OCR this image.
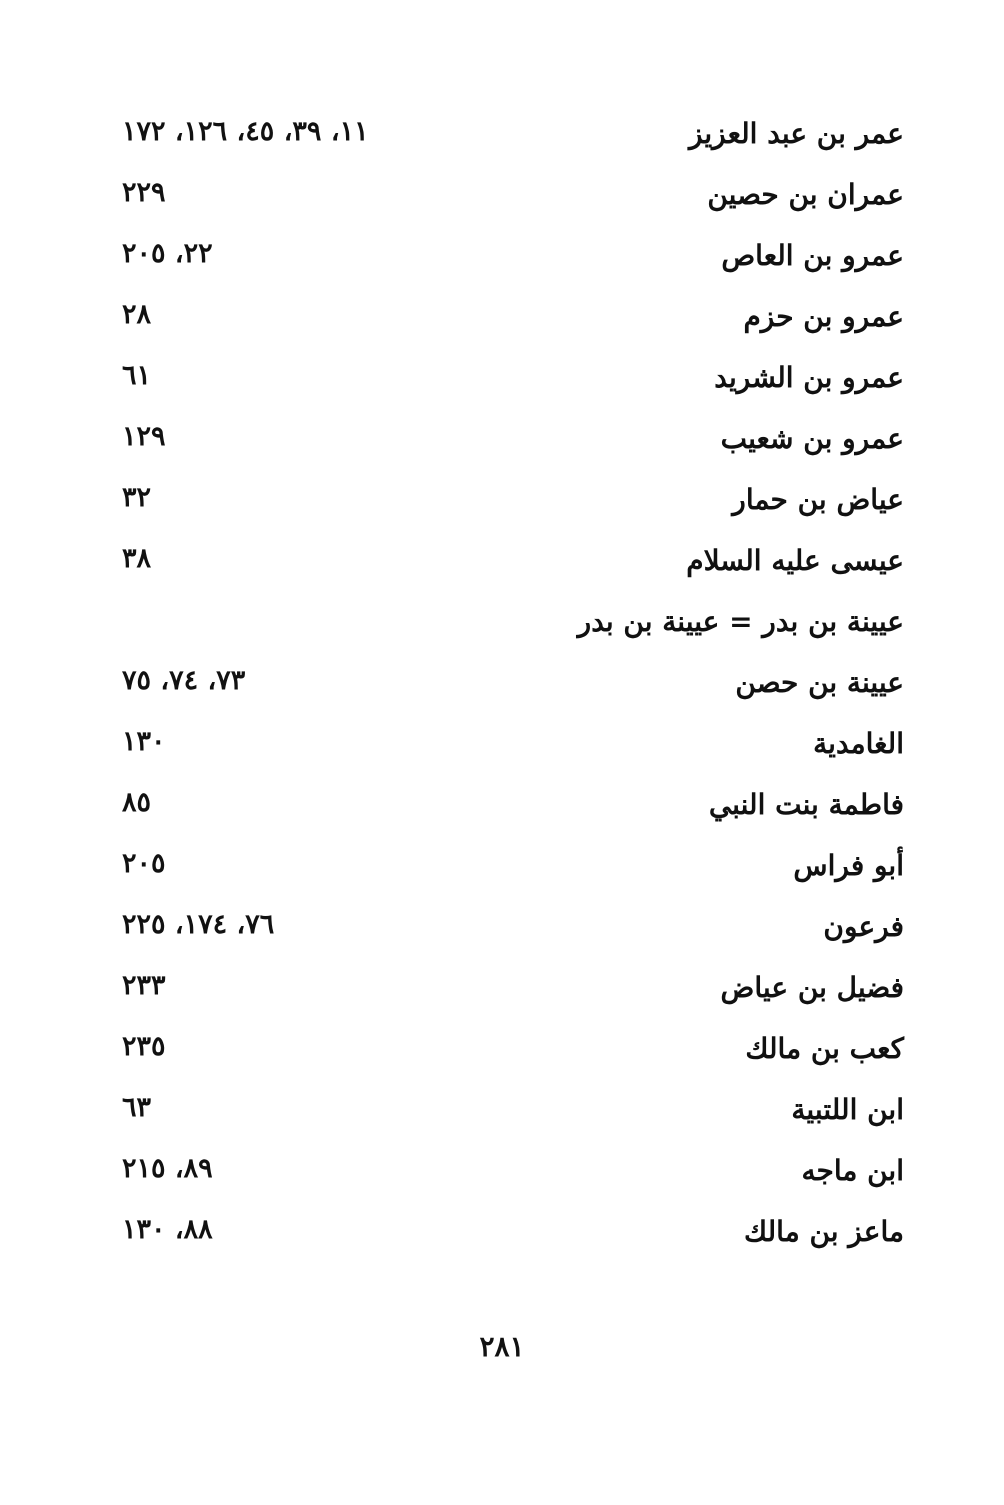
عمر بن عبد العزيز
١١، ٣٩، ٤٥، ١٢٦، ١٧٢
عمران بن حصين
٢٢٩
عمرو بن العاص
٢٢، ٢٠٥
عمرو بن حزم
٢٨
عمرو بن الشريد
٦١
عمرو بن شعيب
١٢٩
عياض بن حمار
٣٢
عيسى عليه السلام
٣٨
عيينة بن بدر = عيينة بن بدر
عيينة بن حصن
٧٣، ٧٤، ٧٥
الغامدية
١٣٠
فاطمة بنت النبي
٨٥
أبو فراس
٢٠٥
فرعون
٧٦، ١٧٤، ٢٢٥
فضيل بن عياض
٢٣٣
كعب بن مالك
٢٣٥
ابن اللتبية
٦٣
ابن ماجه
٨٩، ٢١٥
ماعز بن مالك
٨٨، ١٣٠
٢٨١
